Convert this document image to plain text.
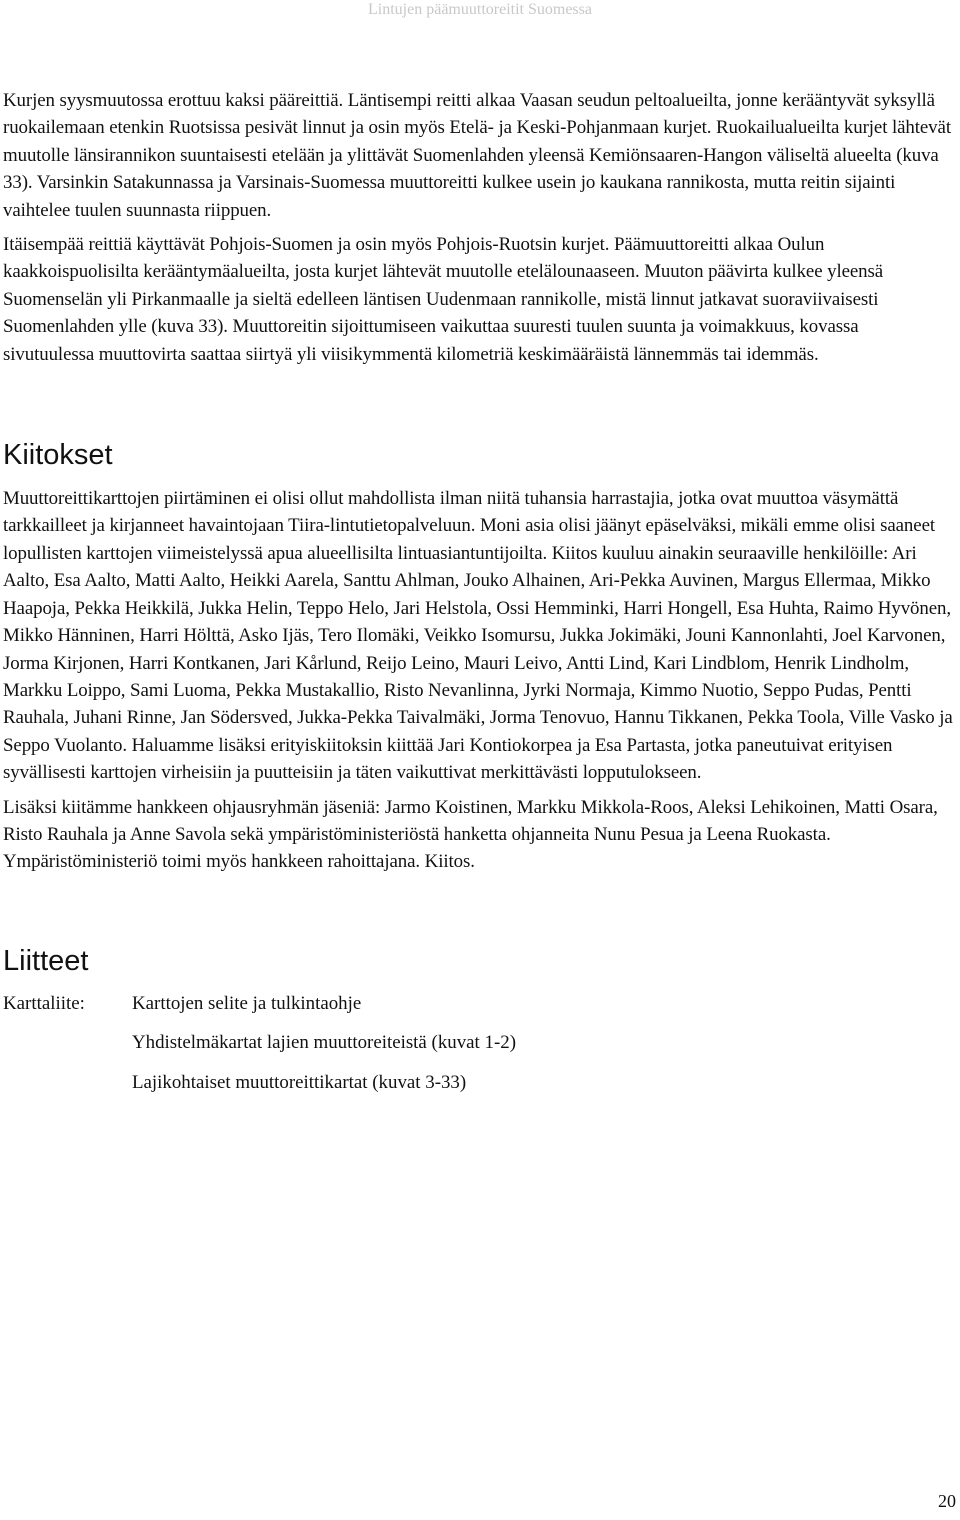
Lintujen päämuuttoreitit Suomessa

Kurjen syysmuutossa erottuu kaksi pääreittiä. Läntisempi reitti alkaa Vaasan seudun peltoalueilta, jonne kerääntyvät syksyllä ruokailemaan etenkin Ruotsissa pesivät linnut ja osin myös Etelä- ja Keski-Pohjanmaan kurjet. Ruokailualueilta kurjet lähtevät muutolle länsirannikon suuntaisesti etelään ja ylittävät Suomenlahden yleensä Kemiönsaaren-Hangon väliseltä alueelta (kuva 33). Varsinkin Satakunnassa ja Varsinais-Suomessa muuttoreitti kulkee usein jo kaukana rannikosta, mutta reitin sijainti vaihtelee tuulen suunnasta riippuen.

Itäisempää reittiä käyttävät Pohjois-Suomen ja osin myös Pohjois-Ruotsin kurjet. Päämuuttoreitti alkaa Oulun kaakkoispuolisilta kerääntymäalueilta, josta kurjet lähtevät muutolle etelälounaaseen. Muuton päävirta kulkee yleensä Suomenselän yli Pirkanmaalle ja sieltä edelleen läntisen Uudenmaan rannikolle, mistä linnut jatkavat suoraviivaisesti Suomenlahden ylle (kuva 33). Muuttoreitin sijoittumiseen vaikuttaa suuresti tuulen suunta ja voimakkuus, kovassa sivutuulessa muuttovirta saattaa siirtyä yli viisikymmentä kilometriä keskimääräistä lännemmäs tai idemmäs.

Kiitokset

Muuttoreittikarttojen piirtäminen ei olisi ollut mahdollista ilman niitä tuhansia harrastajia, jotka ovat muuttoa väsymättä tarkkailleet ja kirjanneet havaintojaan Tiira-lintutietopalveluun. Moni asia olisi jäänyt epäselväksi, mikäli emme olisi saaneet lopullisten karttojen viimeistelyssä apua alueellisilta lintuasiantuntijoilta. Kiitos kuuluu ainakin seuraaville henkilöille: Ari Aalto, Esa Aalto, Matti Aalto, Heikki Aarela, Santtu Ahlman, Jouko Alhainen, Ari-Pekka Auvinen, Margus Ellermaa, Mikko Haapoja, Pekka Heikkilä, Jukka Helin, Teppo Helo, Jari Helstola, Ossi Hemminki, Harri Hongell, Esa Huhta, Raimo Hyvönen, Mikko Hänninen, Harri Hölttä, Asko Ijäs, Tero Ilomäki, Veikko Isomursu, Jukka Jokimäki, Jouni Kannonlahti, Joel Karvonen, Jorma Kirjonen, Harri Kontkanen, Jari Kårlund, Reijo Leino, Mauri Leivo, Antti Lind, Kari Lindblom, Henrik Lindholm, Markku Loippo, Sami Luoma, Pekka Mustakallio, Risto Nevanlinna, Jyrki Normaja, Kimmo Nuotio, Seppo Pudas, Pentti Rauhala, Juhani Rinne, Jan Södersved, Jukka-Pekka Taivalmäki, Jorma Tenovuo, Hannu Tikkanen, Pekka Toola, Ville Vasko ja Seppo Vuolanto. Haluamme lisäksi erityiskiitoksin kiittää Jari Kontiokorpea ja Esa Partasta, jotka paneutuivat erityisen syvällisesti karttojen virheisiin ja puutteisiin ja täten vaikuttivat merkittävästi lopputulokseen.

Lisäksi kiitämme hankkeen ohjausryhmän jäseniä: Jarmo Koistinen, Markku Mikkola-Roos, Aleksi Lehikoinen, Matti Osara, Risto Rauhala ja Anne Savola sekä ympäristöministeriöstä hanketta ohjanneita Nunu Pesua ja Leena Ruokasta. Ympäristöministeriö toimi myös hankkeen rahoittajana. Kiitos.

Liitteet
Karttaliite:	Karttojen selite ja tulkintaohje
Yhdistelmäkartat lajien muuttoreiteistä (kuvat 1-2)
Lajikohtaiset muuttoreittikartat (kuvat 3-33)
20
